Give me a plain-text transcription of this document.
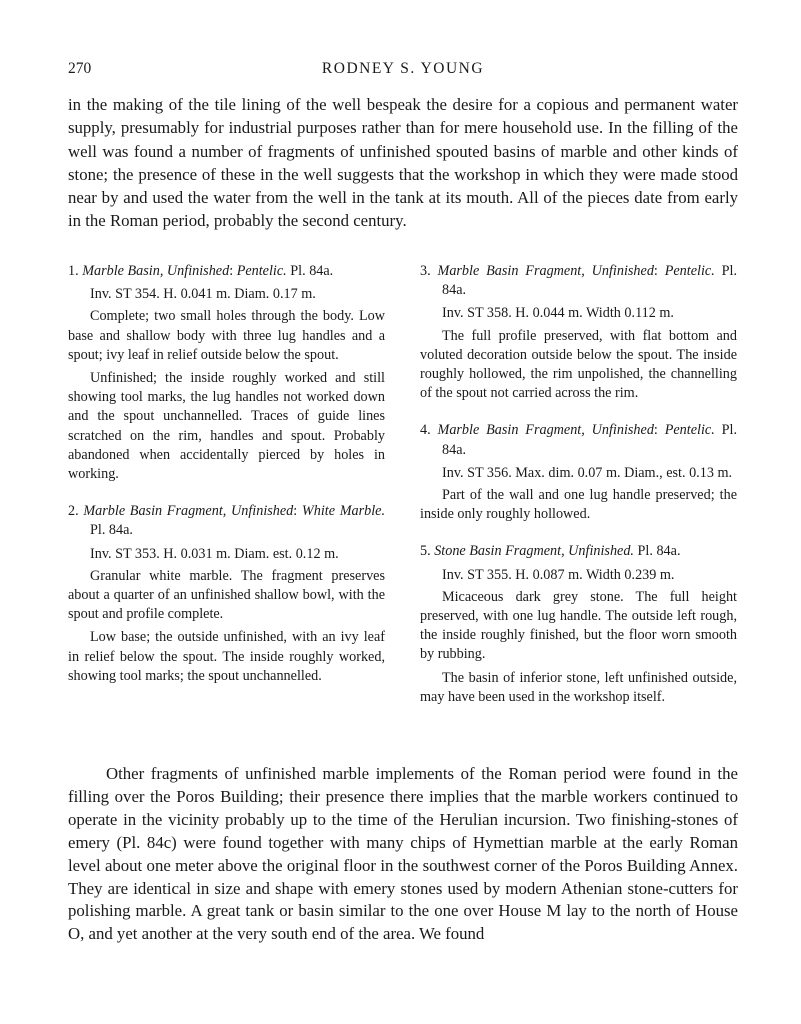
270	RODNEY S. YOUNG

in the making of the tile lining of the well bespeak the desire for a copious and permanent water supply, presumably for industrial purposes rather than for mere household use. In the filling of the well was found a number of fragments of unfinished spouted basins of marble and other kinds of stone; the presence of these in the well suggests that the workshop in which they were made stood near by and used the water from the well in the tank at its mouth. All of the pieces date from early in the Roman period, probably the second century.

1. Marble Basin, Unfinished: Pentelic. Pl. 84a.

Inv. ST 354. H. 0.041 m. Diam. 0.17 m.

Complete; two small holes through the body. Low base and shallow body with three lug handles and a spout; ivy leaf in relief outside below the spout.

Unfinished; the inside roughly worked and still showing tool marks, the lug handles not worked down and the spout unchannelled. Traces of guide lines scratched on the rim, handles and spout. Probably abandoned when accidentally pierced by holes in working.

2. Marble Basin Fragment, Unfinished: White Marble. Pl. 84a.

Inv. ST 353. H. 0.031 m. Diam. est. 0.12 m.

Granular white marble. The fragment preserves about a quarter of an unfinished shallow bowl, with the spout and profile complete.

Low base; the outside unfinished, with an ivy leaf in relief below the spout. The inside roughly worked, showing tool marks; the spout unchannelled.

3. Marble Basin Fragment, Unfinished: Pentelic. Pl. 84a.

Inv. ST 358. H. 0.044 m. Width 0.112 m.

The full profile preserved, with flat bottom and voluted decoration outside below the spout. The inside roughly hollowed, the rim unpolished, the channelling of the spout not carried across the rim.

4. Marble Basin Fragment, Unfinished: Pentelic. Pl. 84a.

Inv. ST 356. Max. dim. 0.07 m. Diam., est. 0.13 m.

Part of the wall and one lug handle preserved; the inside only roughly hollowed.

5. Stone Basin Fragment, Unfinished. Pl. 84a.

Inv. ST 355. H. 0.087 m. Width 0.239 m.

Micaceous dark grey stone. The full height preserved, with one lug handle. The outside left rough, the inside roughly finished, but the floor worn smooth by rubbing.

The basin of inferior stone, left unfinished outside, may have been used in the workshop itself.

Other fragments of unfinished marble implements of the Roman period were found in the filling over the Poros Building; their presence there implies that the marble workers continued to operate in the vicinity probably up to the time of the Herulian incursion. Two finishing-stones of emery (Pl. 84c) were found together with many chips of Hymettian marble at the early Roman level about one meter above the original floor in the southwest corner of the Poros Building Annex. They are identical in size and shape with emery stones used by modern Athenian stone-cutters for polishing marble. A great tank or basin similar to the one over House M lay to the north of House O, and yet another at the very south end of the area. We found
